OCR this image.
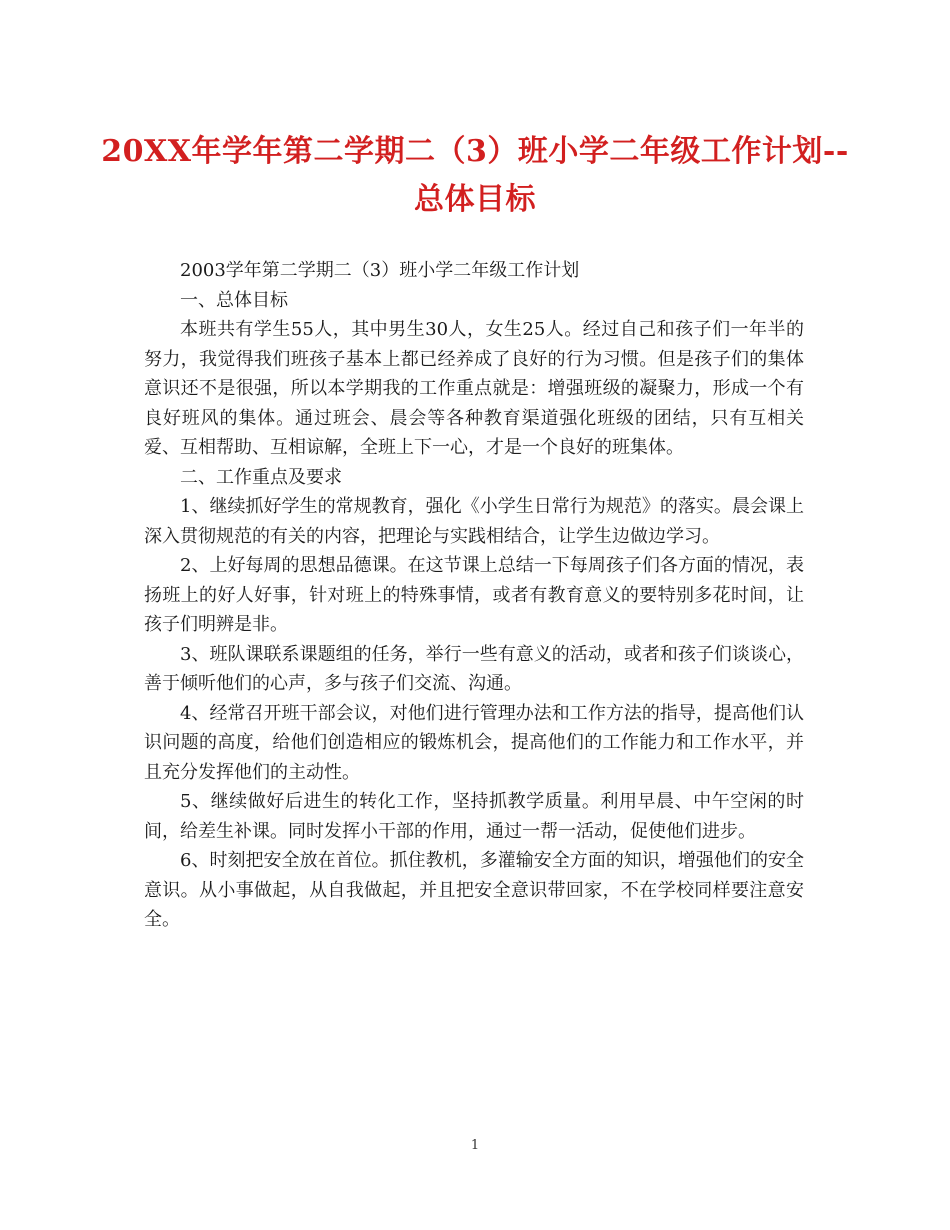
20XX年学年第二学期二（3）班小学二年级工作计划--
总体目标

2003学年第二学期二（3）班小学二年级工作计划

一、总体目标

本班共有学生55人，其中男生30人，女生25人。经过自己和孩子们一年半的努力，我觉得我们班孩子基本上都已经养成了良好的行为习惯。但是孩子们的集体意识还不是很强，所以本学期我的工作重点就是：增强班级的凝聚力，形成一个有良好班风的集体。通过班会、晨会等各种教育渠道强化班级的团结，只有互相关爱、互相帮助、互相谅解，全班上下一心，才是一个良好的班集体。

二、工作重点及要求

1、继续抓好学生的常规教育，强化《小学生日常行为规范》的落实。晨会课上深入贯彻规范的有关的内容，把理论与实践相结合，让学生边做边学习。

2、上好每周的思想品德课。在这节课上总结一下每周孩子们各方面的情况，表扬班上的好人好事，针对班上的特殊事情，或者有教育意义的要特别多花时间，让孩子们明辨是非。

3、班队课联系课题组的任务，举行一些有意义的活动，或者和孩子们谈谈心，善于倾听他们的心声，多与孩子们交流、沟通。

4、经常召开班干部会议，对他们进行管理办法和工作方法的指导，提高他们认识问题的高度，给他们创造相应的锻炼机会，提高他们的工作能力和工作水平，并且充分发挥他们的主动性。

5、继续做好后进生的转化工作，坚持抓教学质量。利用早晨、中午空闲的时间，给差生补课。同时发挥小干部的作用，通过一帮一活动，促使他们进步。

6、时刻把安全放在首位。抓住教机，多灌输安全方面的知识，增强他们的安全意识。从小事做起，从自我做起，并且把安全意识带回家，不在学校同样要注意安全。

1
